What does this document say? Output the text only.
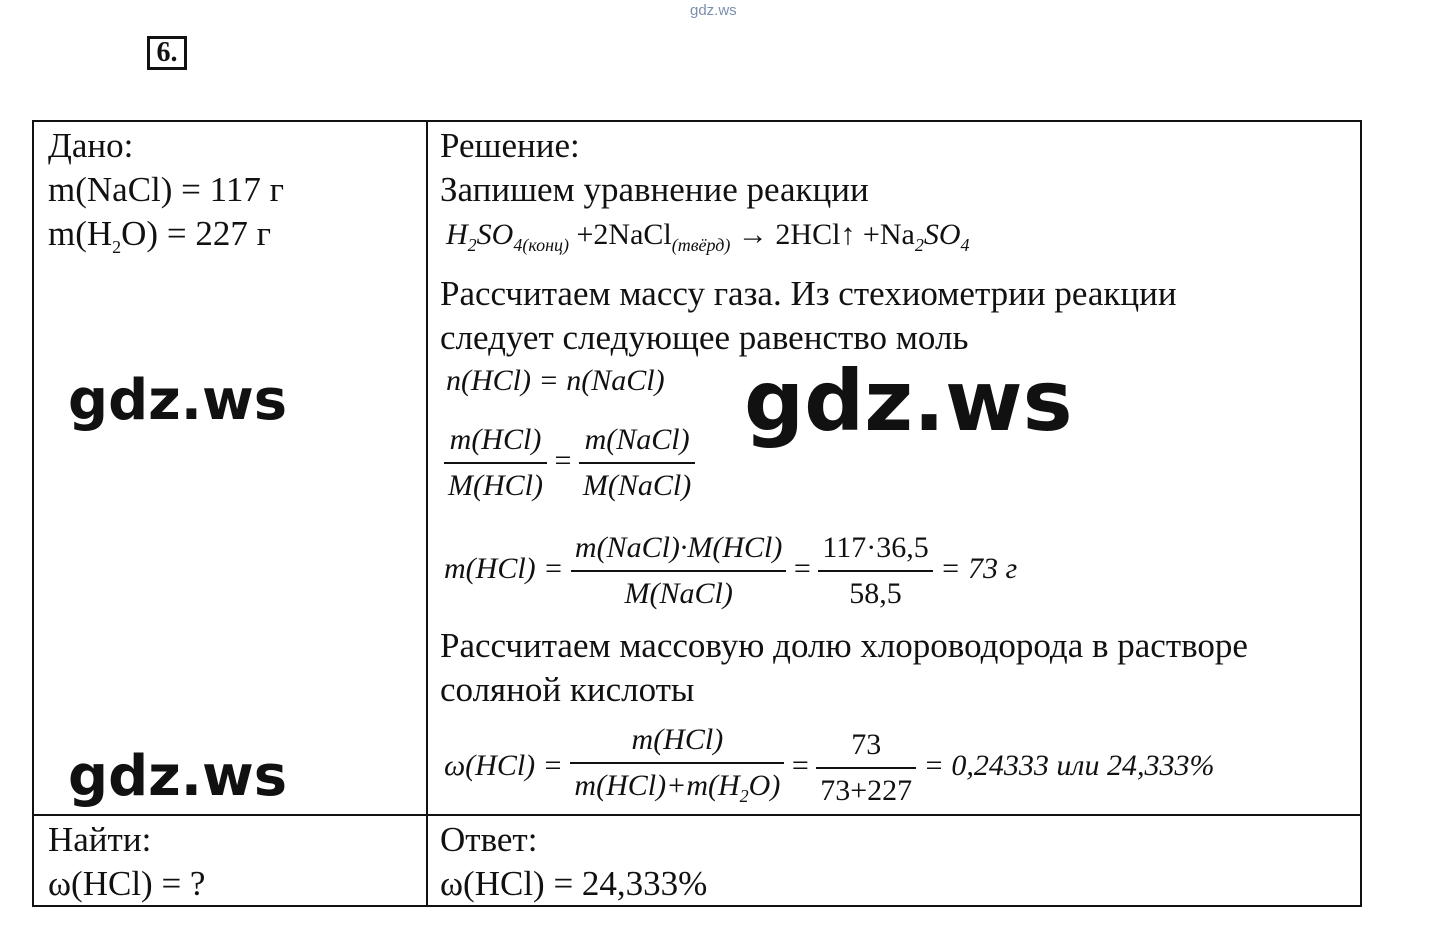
gdz.ws
6.
Дано:
m(NaCl) = 117 г
$m(H_2O) = 227$ г
Найти:
ω(HCl) = ?
Решение:
Запишем уравнение реакции
$H_2SO_{4(конц)}$ +2NaCl$_{(твёрд)}$ → 2HCl↑ $+Na_2SO_4$
Рассчитаем массу газа. Из стехиометрии реакции
следует следующее равенство моль
n(HCl) = n(NaCl)
$\frac{\text{m(HCl)}}{\text{M(HCl)}} = \frac{\text{m(NaCl)}}{\text{M(NaCl)}}$
$m(HCl) = \frac{\text{m(NaCl)·M(HCl)}}{\text{M(NaCl)}} = \frac{117\cdot 36,5}{58,5} = 73$ г
Рассчитаем массовую долю хлороводорода в растворе
соляной кислоты
$\omega(HCl) = \frac{\text{m(HCl)}}{m(HCl)+m(H_2O)} = \frac{73}{73+227} = 0,24333$ или 24,333%
Ответ:
ω(HCl) = 24,333%
gdz.ws	gdz.ws
gdz.ws
